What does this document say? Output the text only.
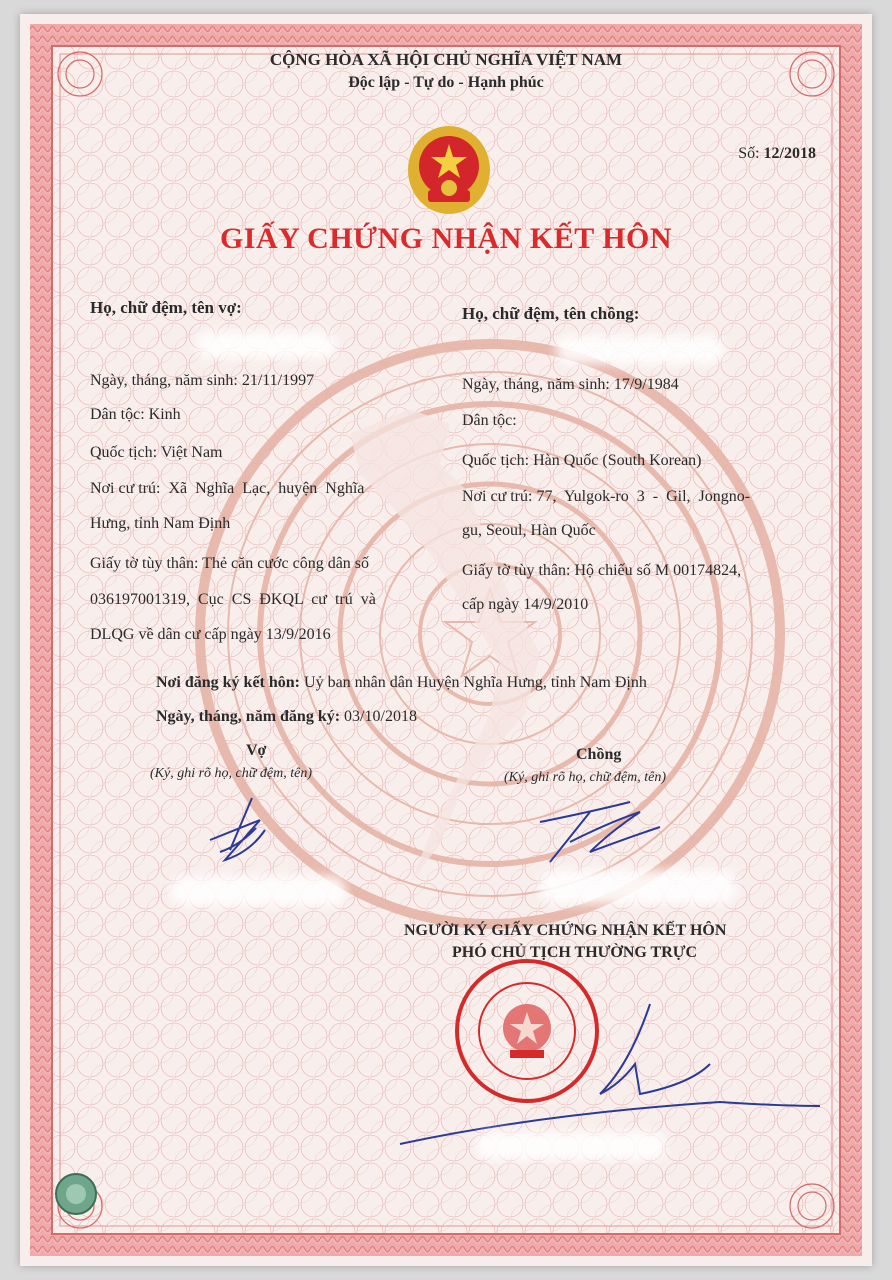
CỘNG HÒA XÃ HỘI CHỦ NGHĨA VIỆT NAM
Độc lập - Tự do - Hạnh phúc
Số: 12/2018
GIẤY CHỨNG NHẬN KẾT HÔN
Họ, chữ đệm, tên vợ:
Ngày, tháng, năm sinh: 21/11/1997
Dân tộc: Kinh
Quốc tịch: Việt Nam
Nơi cư trú: Xã  Nghĩa  Lạc,  huyện  Nghĩa
Hưng, tỉnh Nam Định
Giấy tờ tùy thân: Thẻ căn cước công dân số
036197001319,  Cục  CS  ĐKQL  cư  trú  và
DLQG về dân cư cấp ngày 13/9/2016
Họ, chữ đệm, tên chồng:
Ngày, tháng, năm sinh: 17/9/1984
Dân tộc:
Quốc tịch: Hàn Quốc (South Korean)
Nơi cư trú: 77,  Yulgok-ro  3  -  Gil,  Jongno-
gu, Seoul, Hàn Quốc
Giấy tờ tùy thân: Hộ chiếu số M 00174824,
cấp ngày 14/9/2010
Nơi đăng ký kết hôn: Uỷ ban nhân dân Huyện Nghĩa Hưng, tỉnh Nam Định
Ngày, tháng, năm đăng ký: 03/10/2018
Vợ
(Ký, ghi rõ họ, chữ đệm, tên)
Chồng
(Ký, ghi rõ họ, chữ đệm, tên)
NGƯỜI KÝ GIẤY CHỨNG NHẬN KẾT HÔN
PHÓ CHỦ TỊCH THƯỜNG TRỰC
